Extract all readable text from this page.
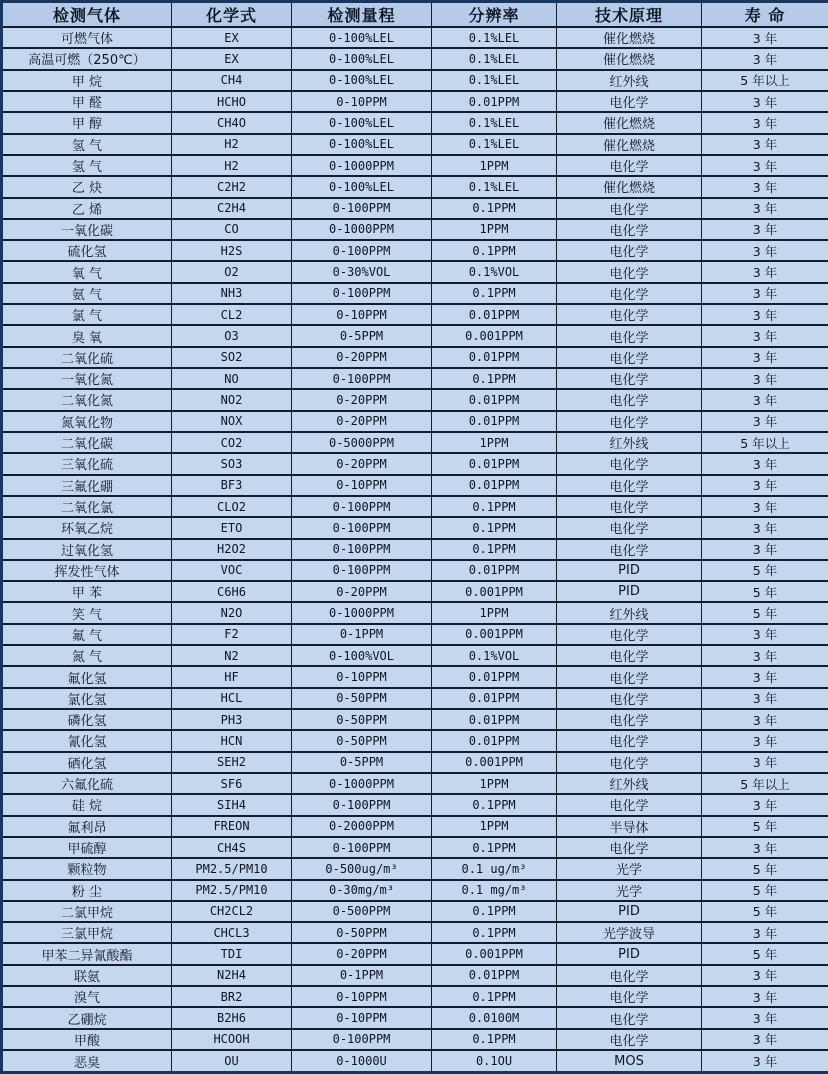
检测气体	化学式	检测量程	分辨率	技术原理	寿 命
可燃气体	EX	0-100%LEL	0.1%LEL	催化燃烧	3 年
高温可燃（250℃）	EX	0-100%LEL	0.1%LEL	催化燃烧	3 年
甲 烷	CH4	0-100%LEL	0.1%LEL	红外线	5 年以上
甲 醛	HCHO	0-10PPM	0.01PPM	电化学	3 年
甲 醇	CH4O	0-100%LEL	0.1%LEL	催化燃烧	3 年
氢 气	H2	0-100%LEL	0.1%LEL	催化燃烧	3 年
氢 气	H2	0-1000PPM	1PPM	电化学	3 年
乙 炔	C2H2	0-100%LEL	0.1%LEL	催化燃烧	3 年
乙 烯	C2H4	0-100PPM	0.1PPM	电化学	3 年
一氧化碳	CO	0-1000PPM	1PPM	电化学	3 年
硫化氢	H2S	0-100PPM	0.1PPM	电化学	3 年
氧 气	O2	0-30%VOL	0.1%VOL	电化学	3 年
氨 气	NH3	0-100PPM	0.1PPM	电化学	3 年
氯 气	CL2	0-10PPM	0.01PPM	电化学	3 年
臭 氧	O3	0-5PPM	0.001PPM	电化学	3 年
二氧化硫	SO2	0-20PPM	0.01PPM	电化学	3 年
一氧化氮	NO	0-100PPM	0.1PPM	电化学	3 年
二氧化氮	NO2	0-20PPM	0.01PPM	电化学	3 年
氮氧化物	NOX	0-20PPM	0.01PPM	电化学	3 年
二氧化碳	CO2	0-5000PPM	1PPM	红外线	5 年以上
三氧化硫	SO3	0-20PPM	0.01PPM	电化学	3 年
三氟化硼	BF3	0-10PPM	0.01PPM	电化学	3 年
二氧化氯	CLO2	0-100PPM	0.1PPM	电化学	3 年
环氧乙烷	ETO	0-100PPM	0.1PPM	电化学	3 年
过氧化氢	H2O2	0-100PPM	0.1PPM	电化学	3 年
挥发性气体	VOC	0-100PPM	0.01PPM	PID	5 年
甲 苯	C6H6	0-20PPM	0.001PPM	PID	5 年
笑 气	N2O	0-1000PPM	1PPM	红外线	5 年
氟 气	F2	0-1PPM	0.001PPM	电化学	3 年
氮 气	N2	0-100%VOL	0.1%VOL	电化学	3 年
氟化氢	HF	0-10PPM	0.01PPM	电化学	3 年
氯化氢	HCL	0-50PPM	0.01PPM	电化学	3 年
磷化氢	PH3	0-50PPM	0.01PPM	电化学	3 年
氰化氢	HCN	0-50PPM	0.01PPM	电化学	3 年
硒化氢	SEH2	0-5PPM	0.001PPM	电化学	3 年
六氟化硫	SF6	0-1000PPM	1PPM	红外线	5 年以上
硅 烷	SIH4	0-100PPM	0.1PPM	电化学	3 年
氟利昂	FREON	0-2000PPM	1PPM	半导体	5 年
甲硫醇	CH4S	0-100PPM	0.1PPM	电化学	3 年
颗粒物	PM2.5/PM10	0-500ug/m³	0.1 ug/m³	光学	5 年
粉 尘	PM2.5/PM10	0-30mg/m³	0.1 mg/m³	光学	5 年
二氯甲烷	CH2CL2	0-500PPM	0.1PPM	PID	5 年
三氯甲烷	CHCL3	0-50PPM	0.1PPM	光学波导	3 年
甲苯二异氰酸酯	TDI	0-20PPM	0.001PPM	PID	5 年
联氨	N2H4	0-1PPM	0.01PPM	电化学	3 年
溴气	BR2	0-10PPM	0.1PPM	电化学	3 年
乙硼烷	B2H6	0-10PPM	0.0100M	电化学	3 年
甲酸	HCOOH	0-100PPM	0.1PPM	电化学	3 年
恶臭	OU	0-1000U	0.1OU	MOS	3 年
